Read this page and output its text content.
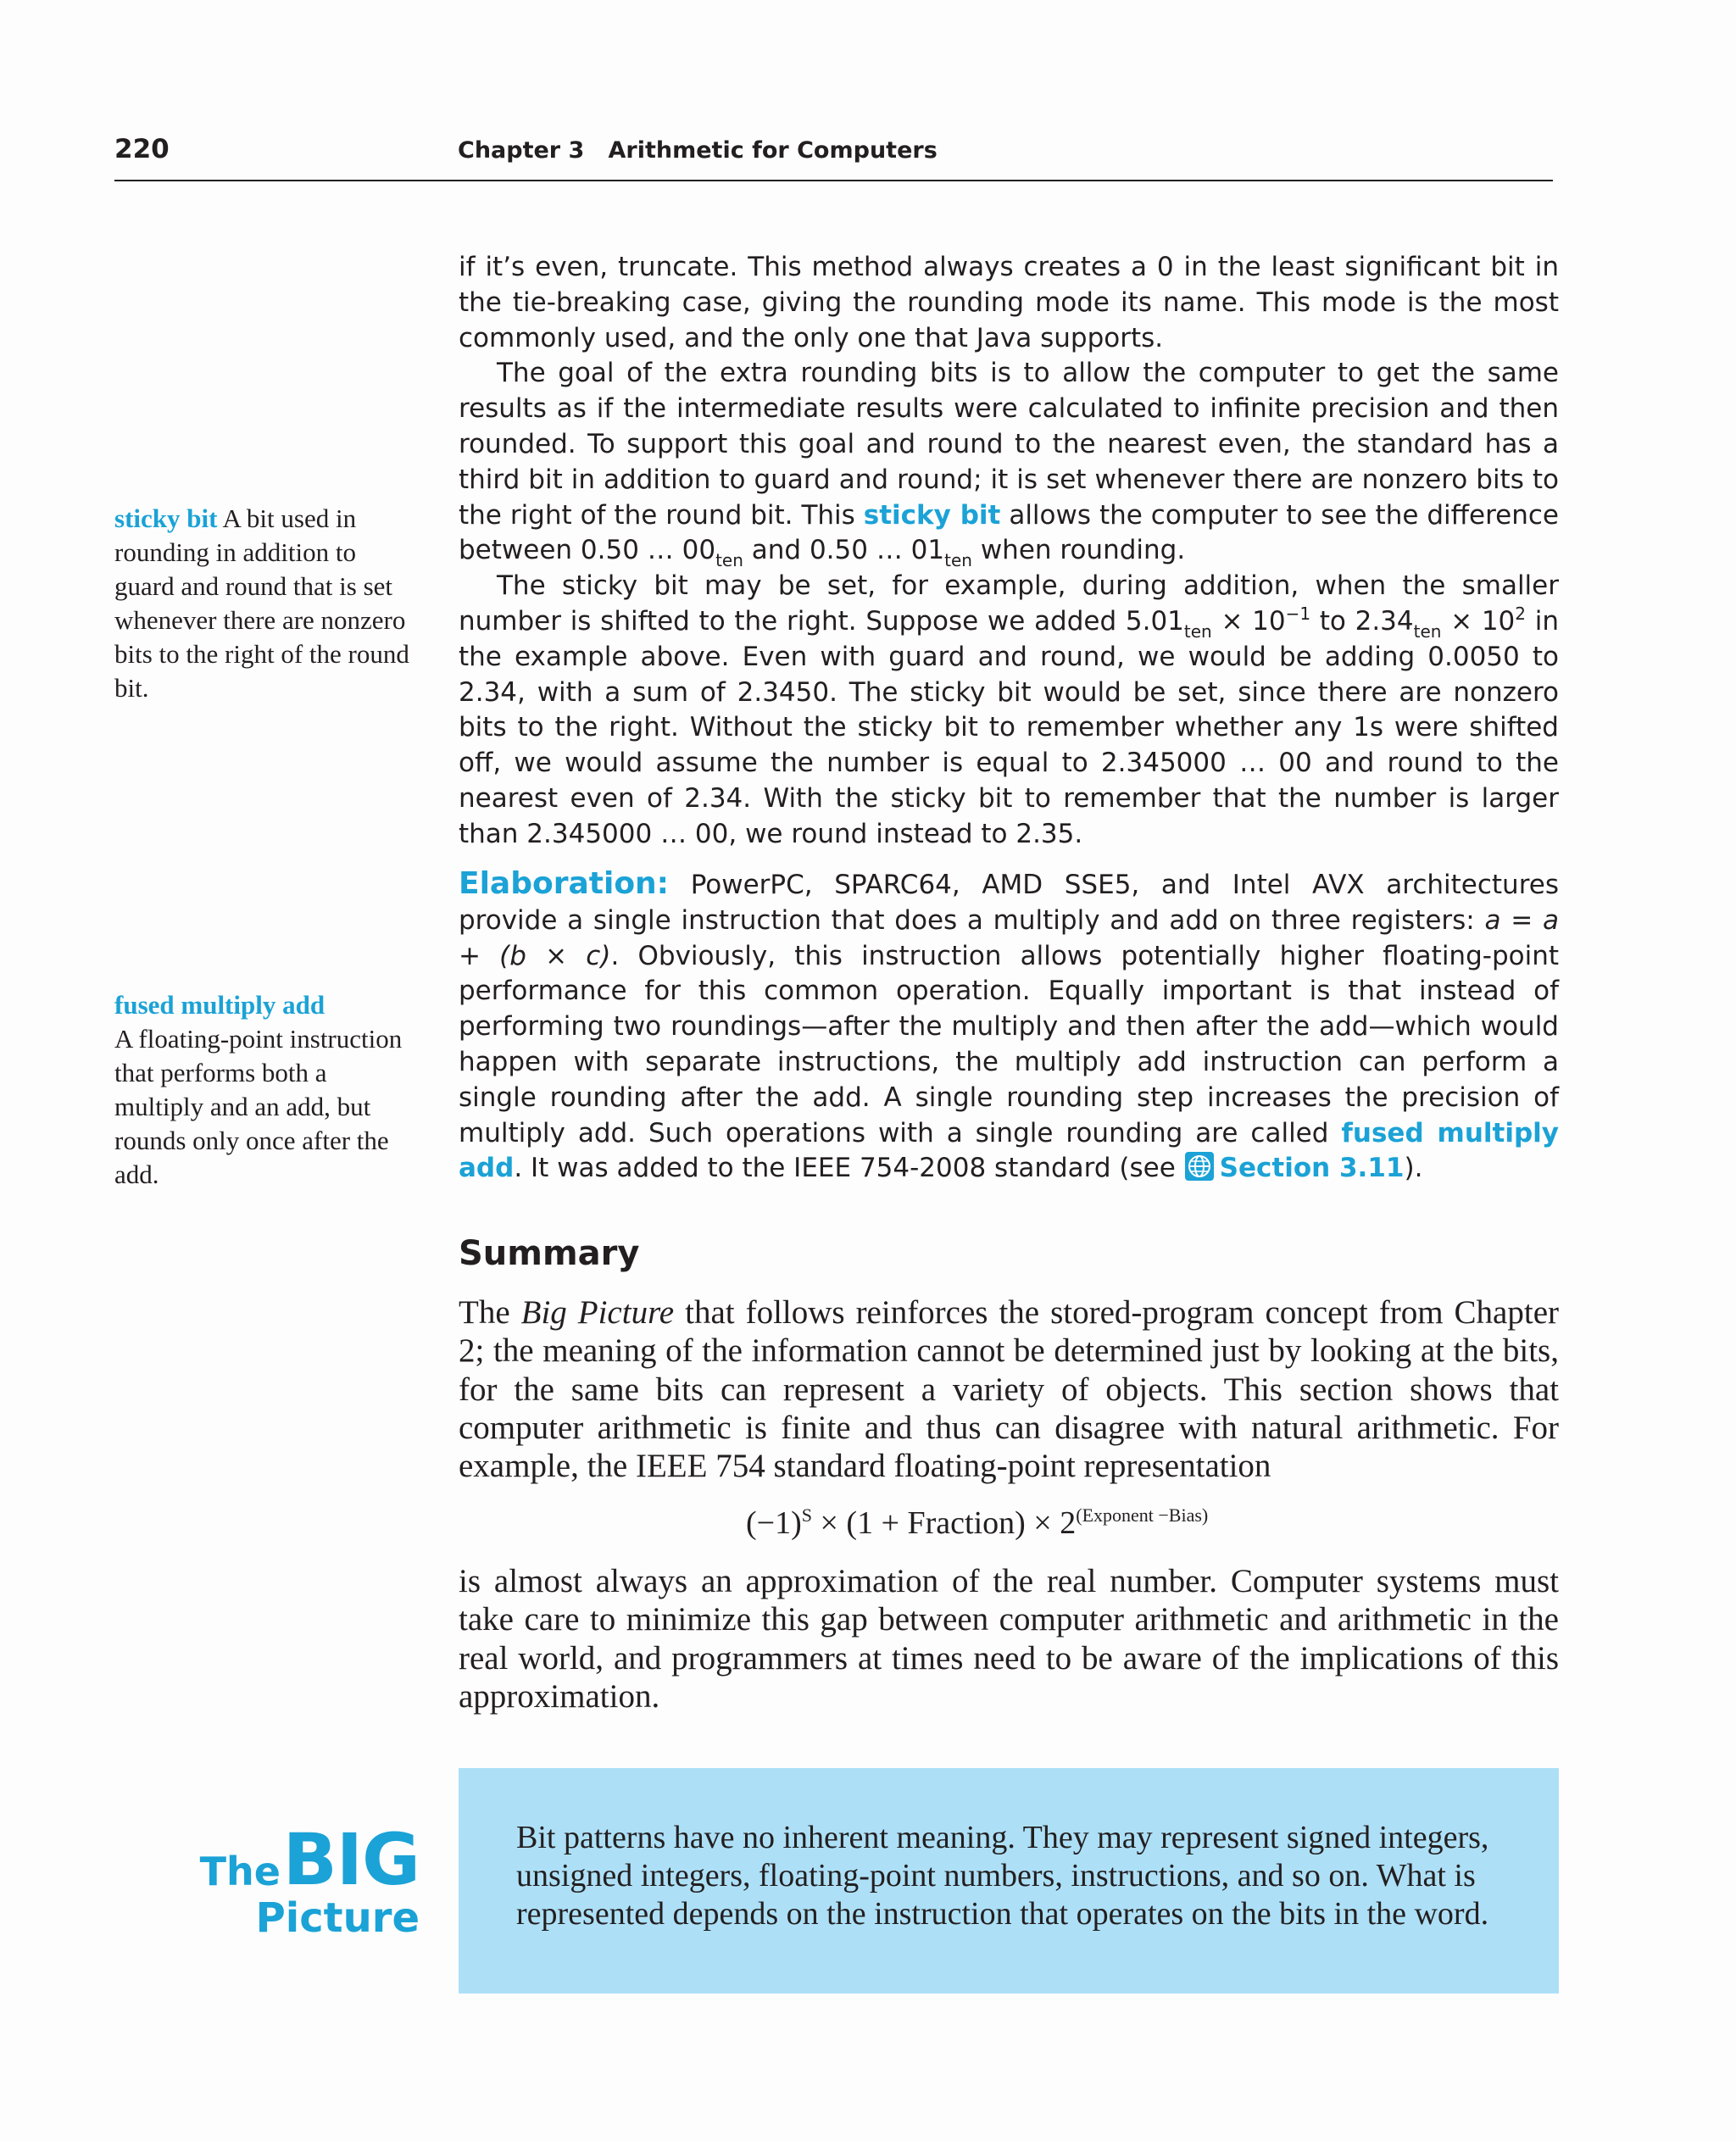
220	Chapter 3   Arithmetic for Computers

if it’s even, truncate. This method always creates a 0 in the least significant bit in the tie-breaking case, giving the rounding mode its name. This mode is the most commonly used, and the only one that Java supports.

The goal of the extra rounding bits is to allow the computer to get the same results as if the intermediate results were calculated to infinite precision and then rounded. To support this goal and round to the nearest even, the standard has a third bit in addition to guard and round; it is set whenever there are nonzero bits to the right of the round bit. This sticky bit allows the computer to see the difference between 0.50 … $00_{ten}$ and 0.50 … $01_{ten}$ when rounding.

The sticky bit may be set, for example, during addition, when the smaller number is shifted to the right. Suppose we added $5.01_{ten} \times 10^{-1}$ to $2.34_{ten} \times 10^2$ in the example above. Even with guard and round, we would be adding 0.0050 to 2.34, with a sum of 2.3450. The sticky bit would be set, since there are nonzero bits to the right. Without the sticky bit to remember whether any 1s were shifted off, we would assume the number is equal to 2.345000 … 00 and round to the nearest even of 2.34. With the sticky bit to remember that the number is larger than 2.345000 … 00, we round instead to 2.35.

Elaboration: PowerPC, SPARC64, AMD SSE5, and Intel AVX architectures provide a single instruction that does a multiply and add on three registers: a = a + (b × c). Obviously, this instruction allows potentially higher floating-point performance for this common operation. Equally important is that instead of performing two roundings—after the multiply and then after the add—which would happen with separate instructions, the multiply add instruction can perform a single rounding after the add. A single rounding step increases the precision of multiply add. Such operations with a single rounding are called fused multiply add. It was added to the IEEE 754-2008 standard (see Section 3.11).

sticky bit A bit used in rounding in addition to guard and round that is set whenever there are nonzero bits to the right of the round bit.
fused multiply add
A floating-point instruction that performs both a multiply and an add, but rounds only once after the add.
Summary
The Big Picture that follows reinforces the stored-program concept from Chapter 2; the meaning of the information cannot be determined just by looking at the bits, for the same bits can represent a variety of objects. This section shows that computer arithmetic is finite and thus can disagree with natural arithmetic. For example, the IEEE 754 standard floating-point representation
$(-1)^S \times (1$ + Fraction) × $2^{(Exponent -Bias)}$
is almost always an approximation of the real number. Computer systems must take care to minimize this gap between computer arithmetic and arithmetic in the real world, and programmers at times need to be aware of the implications of this approximation.
The BIG
Picture
Bit patterns have no inherent meaning. They may represent signed integers, unsigned integers, floating-point numbers, instructions, and so on. What is represented depends on the instruction that operates on the bits in the word.
